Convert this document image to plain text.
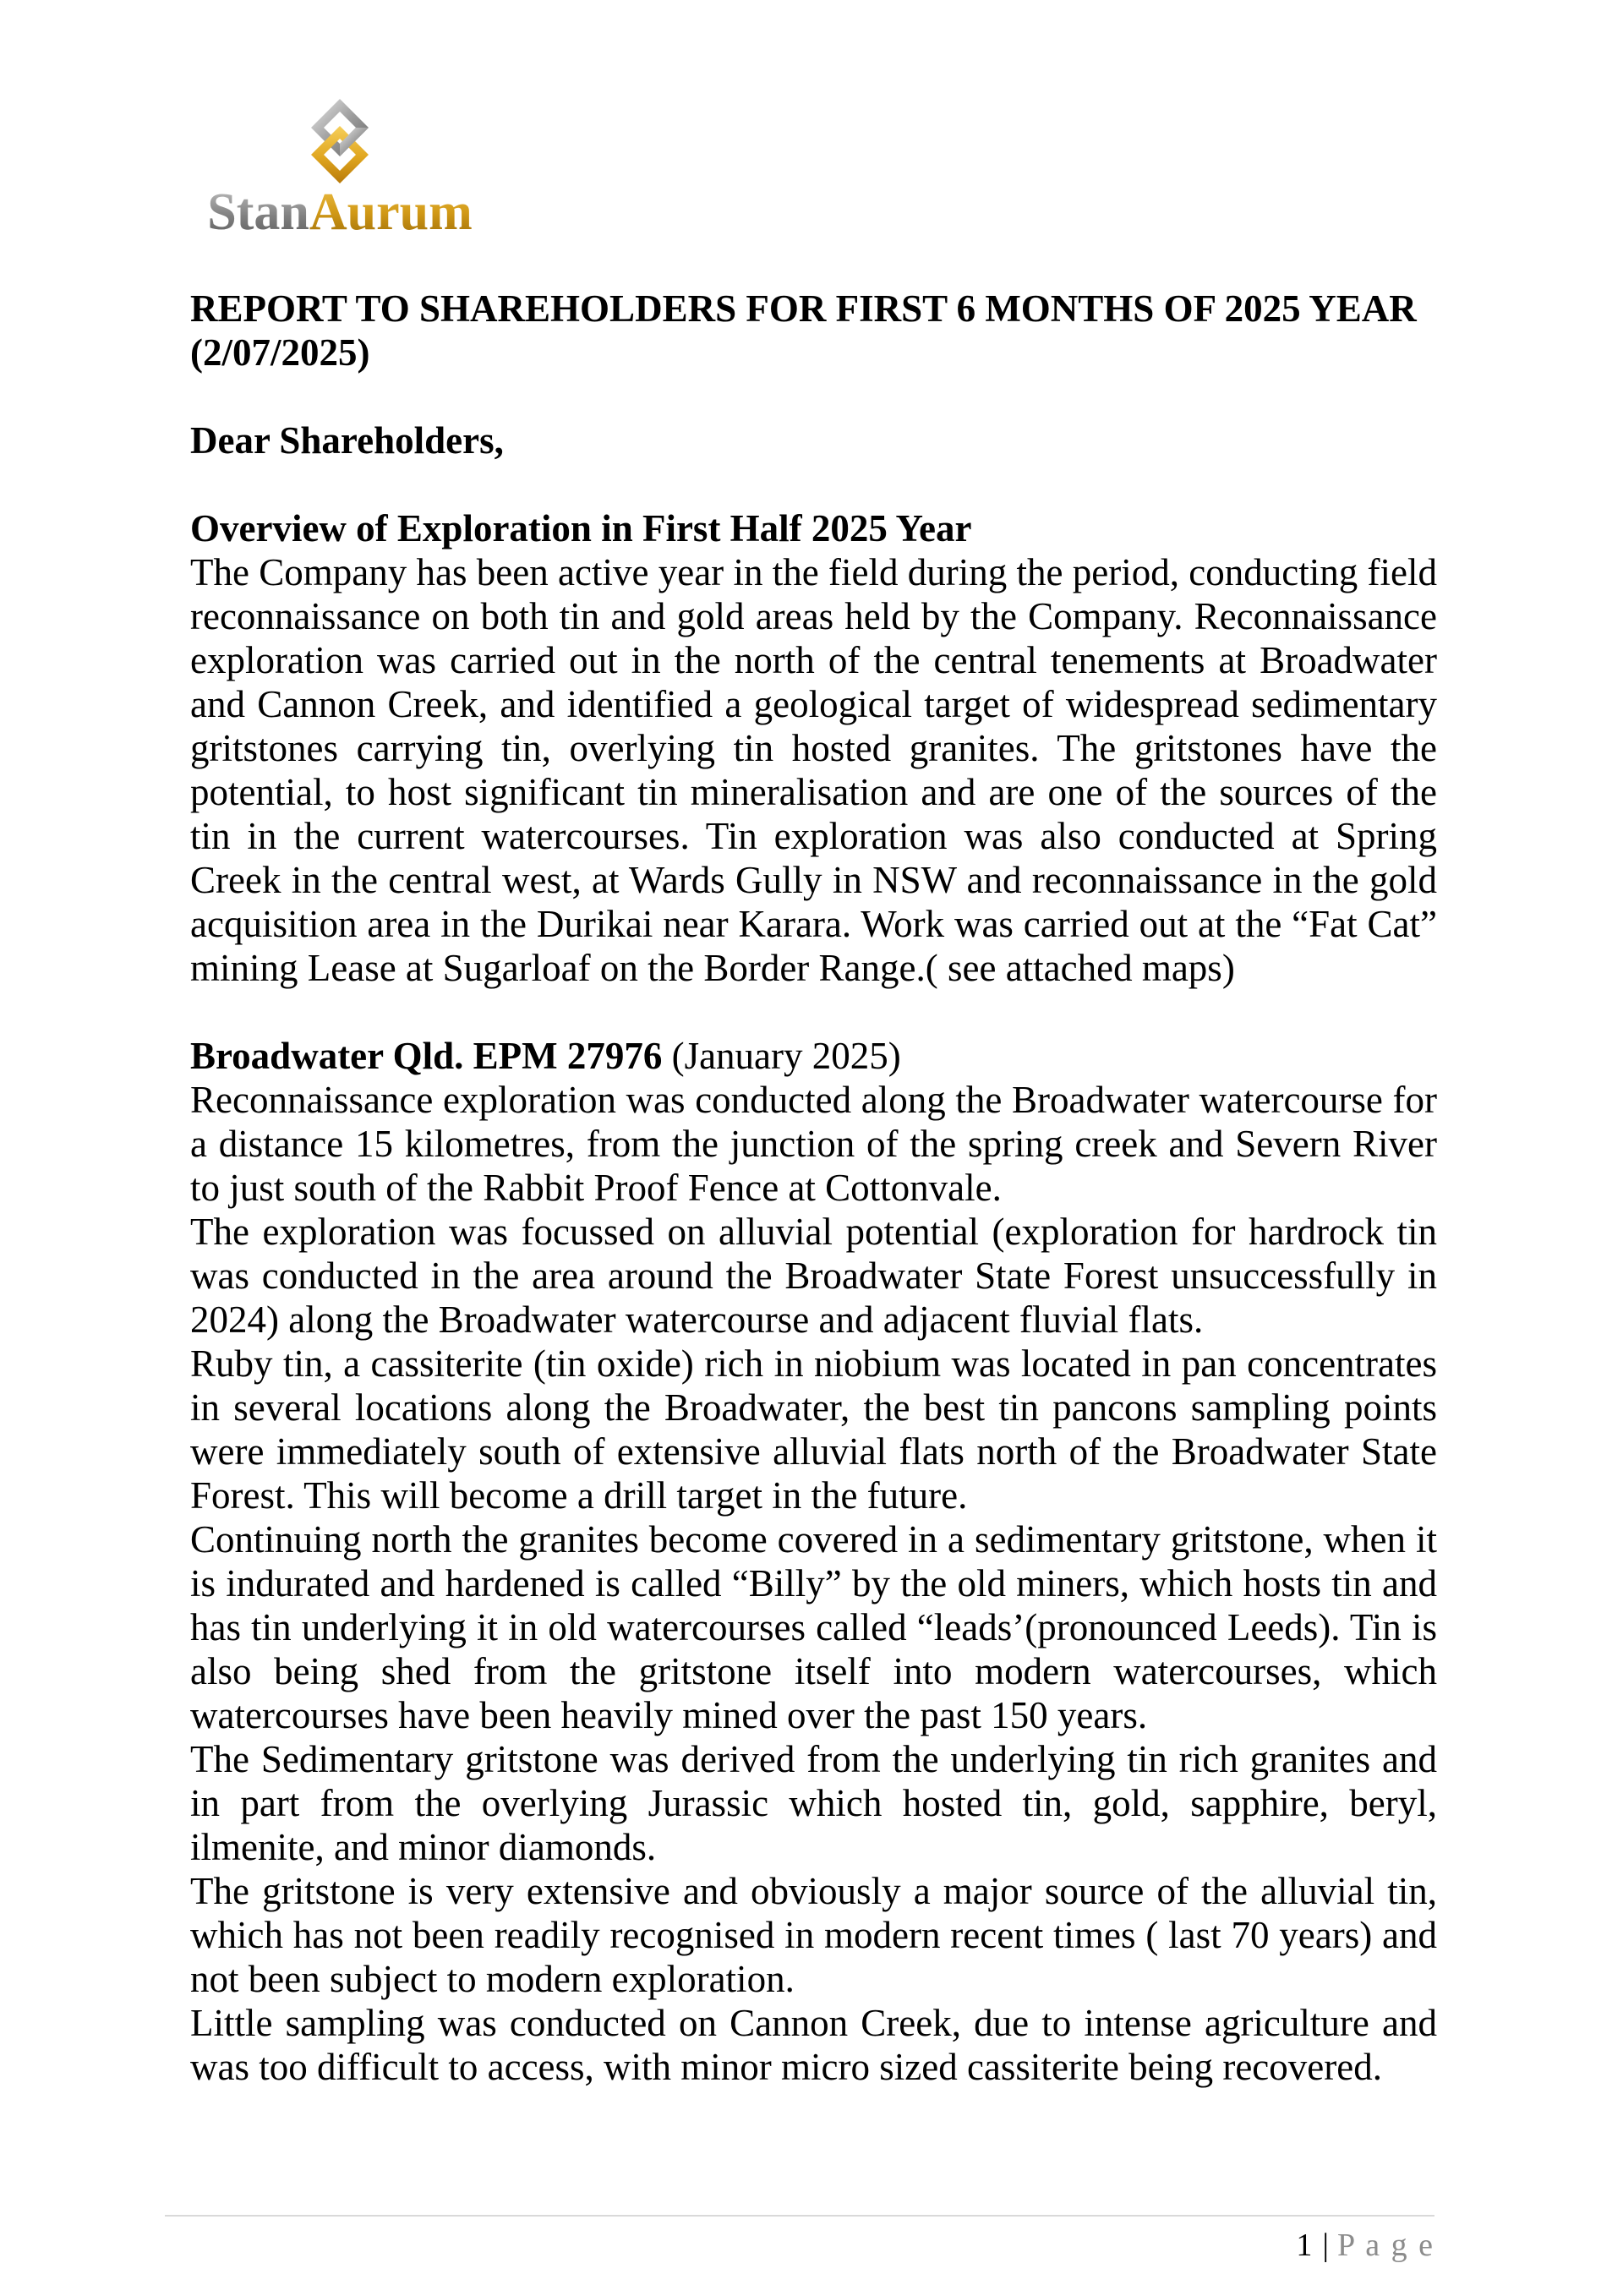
StanAurum
REPORT TO SHAREHOLDERS FOR FIRST 6 MONTHS OF 2025 YEAR (2/07/2025)

Dear Shareholders,

Overview of Exploration in First Half 2025 Year

The Company has been active year in the field during the period, conducting field reconnaissance on both tin and gold areas held by the Company. Reconnaissance exploration was carried out in the north of the central tenements at Broadwater and Cannon Creek, and identified a geological target of widespread sedimentary gritstones carrying tin, overlying tin hosted granites. The gritstones have the potential, to host significant tin mineralisation and are one of the sources of the tin in the current watercourses. Tin exploration was also conducted at Spring Creek in the central west, at Wards Gully in NSW and reconnaissance in the gold acquisition area in the Durikai near Karara. Work was carried out at the “Fat Cat” mining Lease at Sugarloaf on the Border Range.( see attached maps)

Broadwater Qld. EPM 27976 (January 2025)

Reconnaissance exploration was conducted along the Broadwater watercourse for a distance 15 kilometres, from the junction of the spring creek and Severn River to just south of the Rabbit Proof Fence at Cottonvale.

The exploration was focussed on alluvial potential (exploration for hardrock tin was conducted in the area around the Broadwater State Forest unsuccessfully in 2024) along the Broadwater watercourse and adjacent fluvial flats.

Ruby tin, a cassiterite (tin oxide) rich in niobium was located in pan concentrates in several locations along the Broadwater, the best tin pancons sampling points were immediately south of extensive alluvial flats north of the Broadwater State Forest. This will become a drill target in the future.

Continuing north the granites become covered in a sedimentary gritstone, when it is indurated and hardened is called “Billy” by the old miners, which hosts tin and has tin underlying it in old watercourses called “leads’(pronounced Leeds). Tin is also being shed from the gritstone itself into modern watercourses, which watercourses have been heavily mined over the past 150 years.

The Sedimentary gritstone was derived from the underlying tin rich granites and in part from the overlying Jurassic which hosted tin, gold, sapphire, beryl, ilmenite, and minor diamonds.

The gritstone is very extensive and obviously a major source of the alluvial tin, which has not been readily recognised in modern recent times ( last 70 years) and not been subject to modern exploration.

Little sampling was conducted on Cannon Creek, due to intense agriculture and was too difficult to access, with minor micro sized cassiterite being recovered.

1 | P a g e
